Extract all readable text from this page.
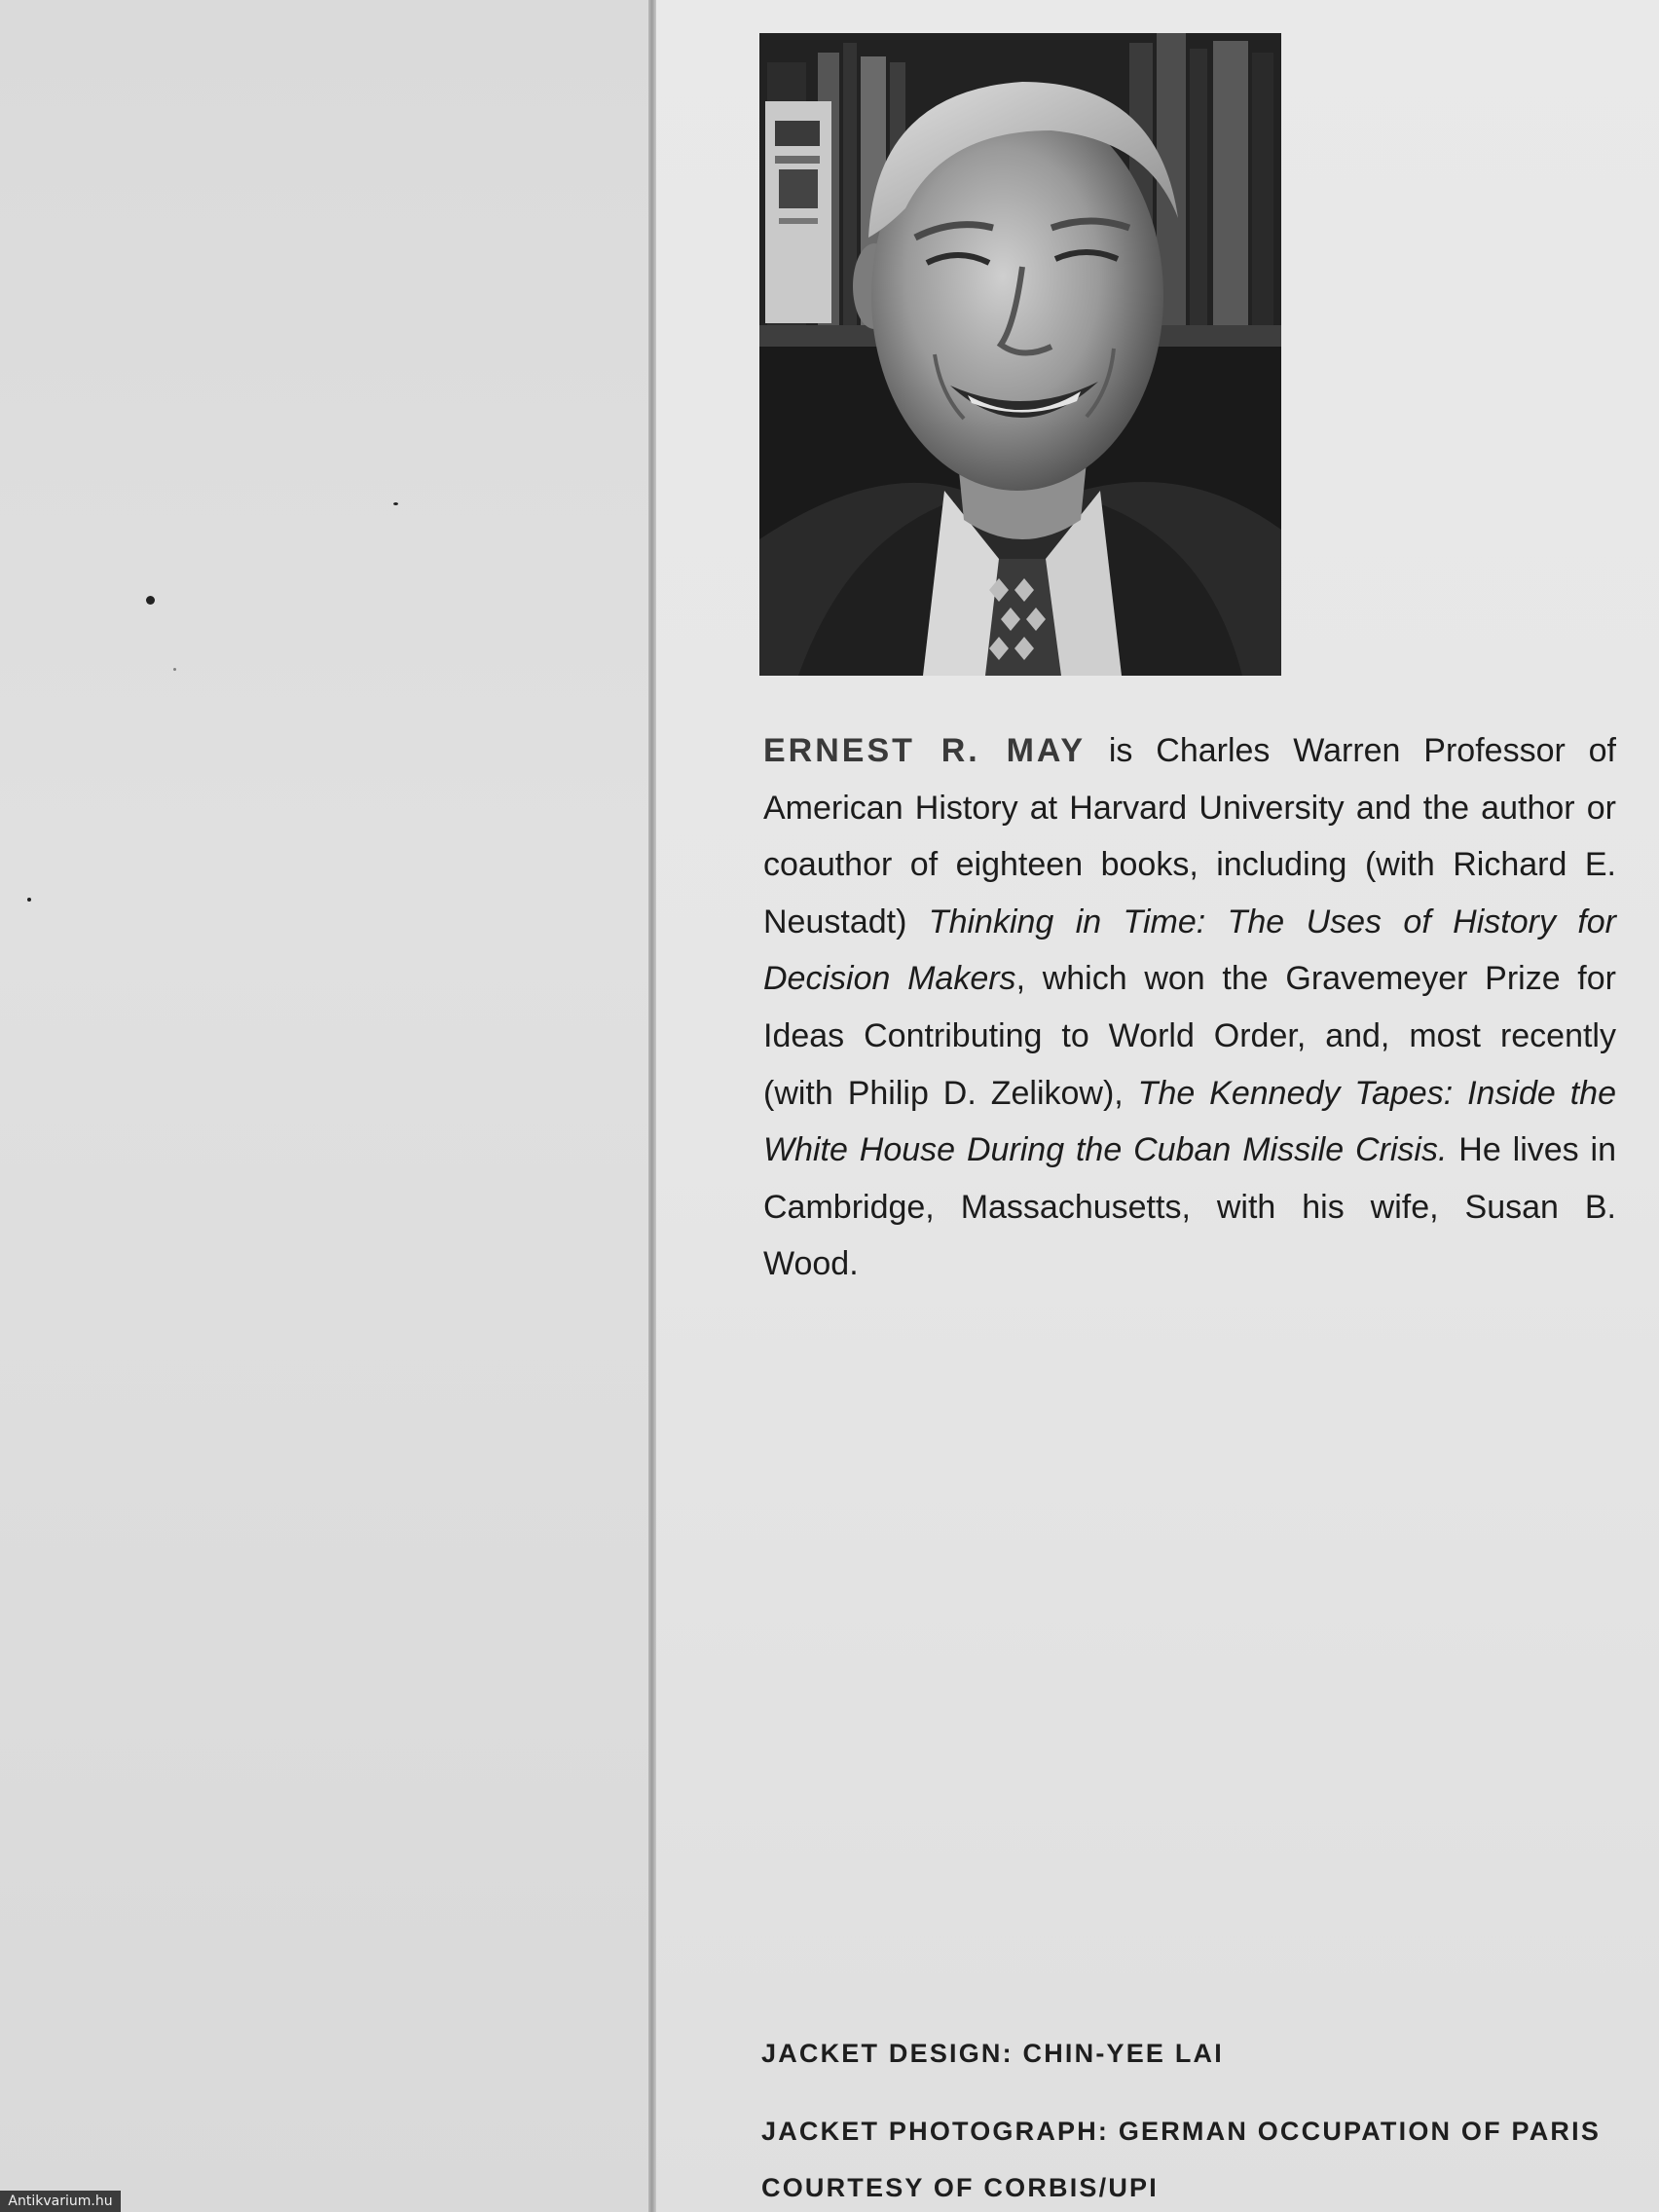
ERNEST R. MAY is Charles Warren Professor of American History at Harvard University and the author or coauthor of eighteen books, including (with Richard E. Neustadt) Thinking in Time: The Uses of History for Decision Makers, which won the Gravemeyer Prize for Ideas Contributing to World Order, and, most recently (with Philip D. Zelikow), The Kennedy Tapes: Inside the White House During the Cuban Missile Crisis. He lives in Cambridge, Massachusetts, with his wife, Susan B. Wood.
JACKET DESIGN: CHIN-YEE LAI
JACKET PHOTOGRAPH: GERMAN OCCUPATION OF PARIS
COURTESY OF CORBIS/UPI
Antikvarium.hu
